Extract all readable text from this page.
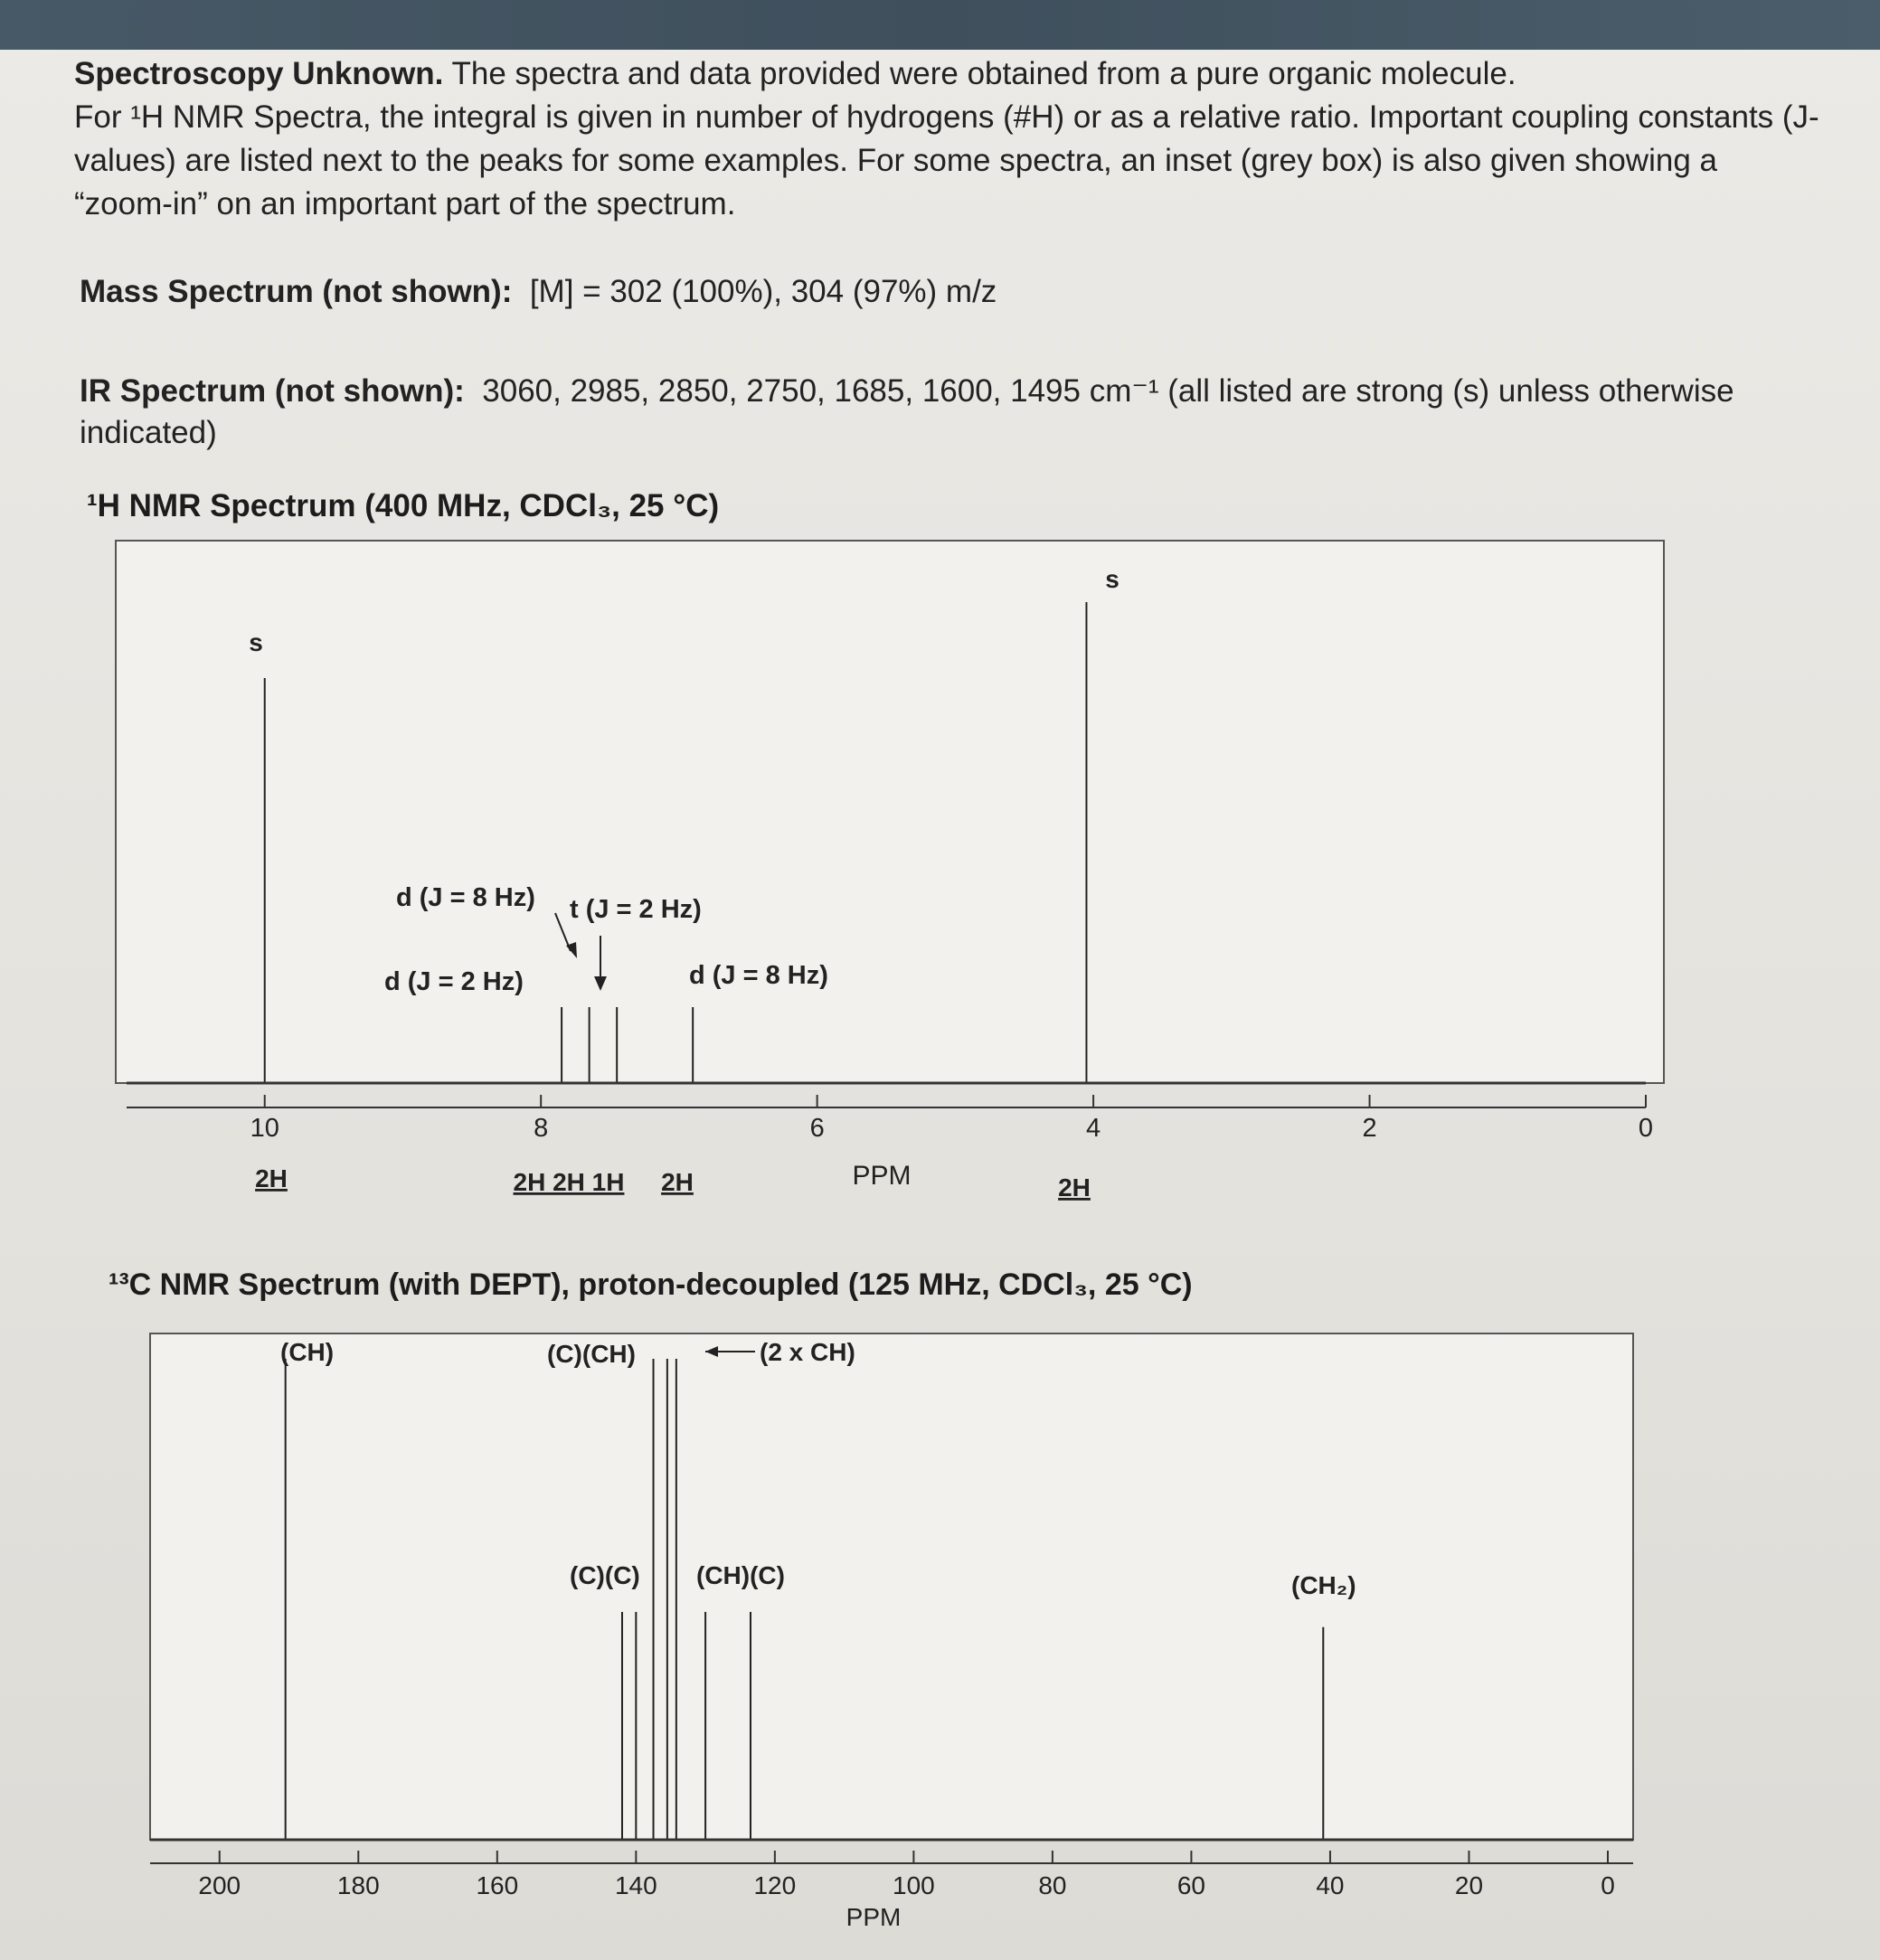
Spectroscopy Unknown. The spectra and data provided were obtained from a pure organic molecule.

For ¹H NMR Spectra, the integral is given in number of hydrogens (#H) or as a relative ratio. Important coupling constants (J-values) are listed next to the peaks for some examples. For some spectra, an inset (grey box) is also given showing a “zoom-in” on an important part of the spectrum.

Mass Spectrum (not shown): [M] = 302 (100%), 304 (97%) m/z
IR Spectrum (not shown): 3060, 2985, 2850, 2750, 1685, 1600, 1495 cm⁻¹ (all listed are strong (s) unless otherwise indicated)
¹H NMR Spectrum (400 MHz, CDCl₃, 25 °C)
10	8	6	4	2	0
PPM
s
s
d (J = 8 Hz) t (J = 2 Hz)
d (J = 2 Hz)	d (J = 8 Hz)
2H	2H 2H 1H 2H	2H
¹³C NMR Spectrum (with DEPT), proton-decoupled (125 MHz, CDCl₃, 25 °C)
200	180	160	140	120	100	80	60	40	20	0
PPM
(CH)	(C)(CH)	(2 x CH)
(C)(C) (CH)(C)	(CH₂)
